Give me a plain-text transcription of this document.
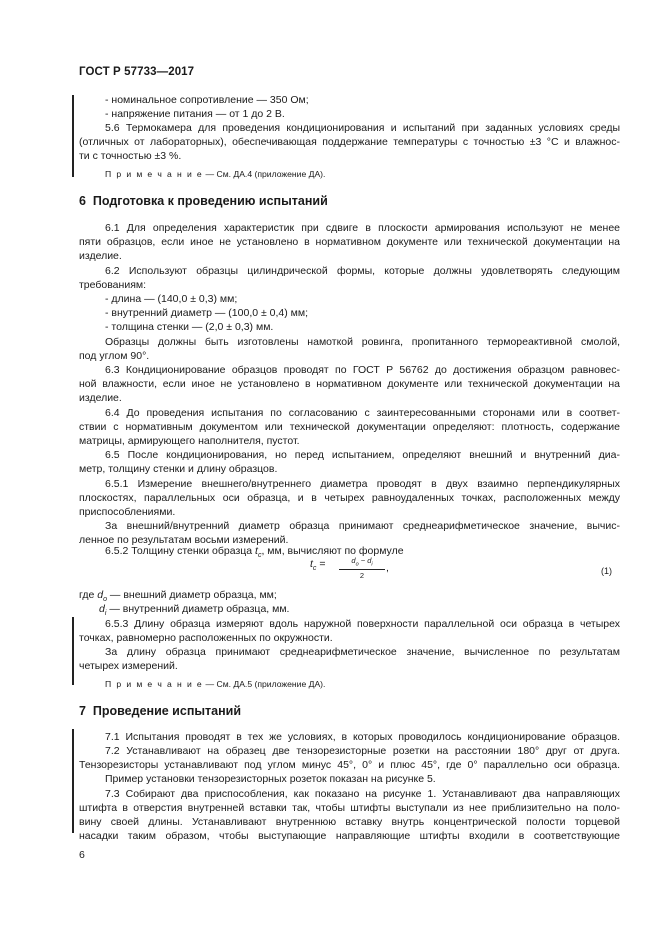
ГОСТ Р 57733—2017
- номинальное сопротивление — 350 Ом;
- напряжение питания — от 1 до 2 В.
5.6 Термокамера для проведения кондиционирования и испытаний при заданных условиях среды
(отличных от лабораторных), обеспечивающая поддержание температуры с точностью ±3 °С и влажнос-
ти с точностью ±3 %.
П р и м е ч а н и е — См. ДА.4 (приложение ДА).
6 Подготовка к проведению испытаний
6.1 Для определения характеристик при сдвиге в плоскости армирования используют не менее
пяти образцов, если иное не установлено в нормативном документе или технической документации на
изделие.
6.2 Используют образцы цилиндрической формы, которые должны удовлетворять следующим
требованиям:
- длина — (140,0 ± 0,3) мм;
- внутренний диаметр — (100,0 ± 0,4) мм;
- толщина стенки — (2,0 ± 0,3) мм.
Образцы должны быть изготовлены намоткой ровинга, пропитанного термореактивной смолой,
под углом 90°.
6.3 Кондиционирование образцов проводят по ГОСТ Р 56762 до достижения образцом равновес-
ной влажности, если иное не установлено в нормативном документе или технической документации на
изделие.
6.4 До проведения испытания по согласованию с заинтересованными сторонами или в соответ-
ствии с нормативным документом или технической документации определяют: плотность, содержание
матрицы, армирующего наполнителя, пустот.
6.5 После кондиционирования, но перед испытанием, определяют внешний и внутренний диа-
метр, толщину стенки и длину образцов.
6.5.1 Измерение внешнего/внутреннего диаметра проводят в двух взаимно перпендикулярных
плоскостях, параллельных оси образца, и в четырех равноудаленных точках, расположенных между
приспособлениями.
За внешний/внутренний диаметр образца принимают среднеарифметическое значение, вычис-
ленное по результатам восьми измерений.
6.5.2 Толщину стенки образца $t_c$, мм, вычисляют по формуле
$t_c = \frac{d_o - d_i}{2}$ ,	(1)
где $d_o$ — внешний диаметр образца, мм;
$d_i$ — внутренний диаметр образца, мм.
6.5.3 Длину образца измеряют вдоль наружной поверхности параллельной оси образца в четырех
точках, равномерно расположенных по окружности.
За длину образца принимают среднеарифметическое значение, вычисленное по результатам
четырех измерений.
П р и м е ч а н и е — См. ДА.5 (приложение ДА).
7 Проведение испытаний
7.1 Испытания проводят в тех же условиях, в которых проводилось кондиционирование образцов.
7.2 Устанавливают на образец две тензорезисторные розетки на расстоянии 180° друг от друга.
Тензорезисторы устанавливают под углом минус 45°, 0° и плюс 45°, где 0° параллельно оси образца.
Пример установки тензорезисторных розеток показан на рисунке 5.
7.3 Собирают два приспособления, как показано на рисунке 1. Устанавливают два направляющих
штифта в отверстия внутренней вставки так, чтобы штифты выступали из нее приблизительно на поло-
вину своей длины. Устанавливают внутреннюю вставку внутрь концентрической полости торцевой
насадки таким образом, чтобы выступающие направляющие штифты входили в соответствующие
6
